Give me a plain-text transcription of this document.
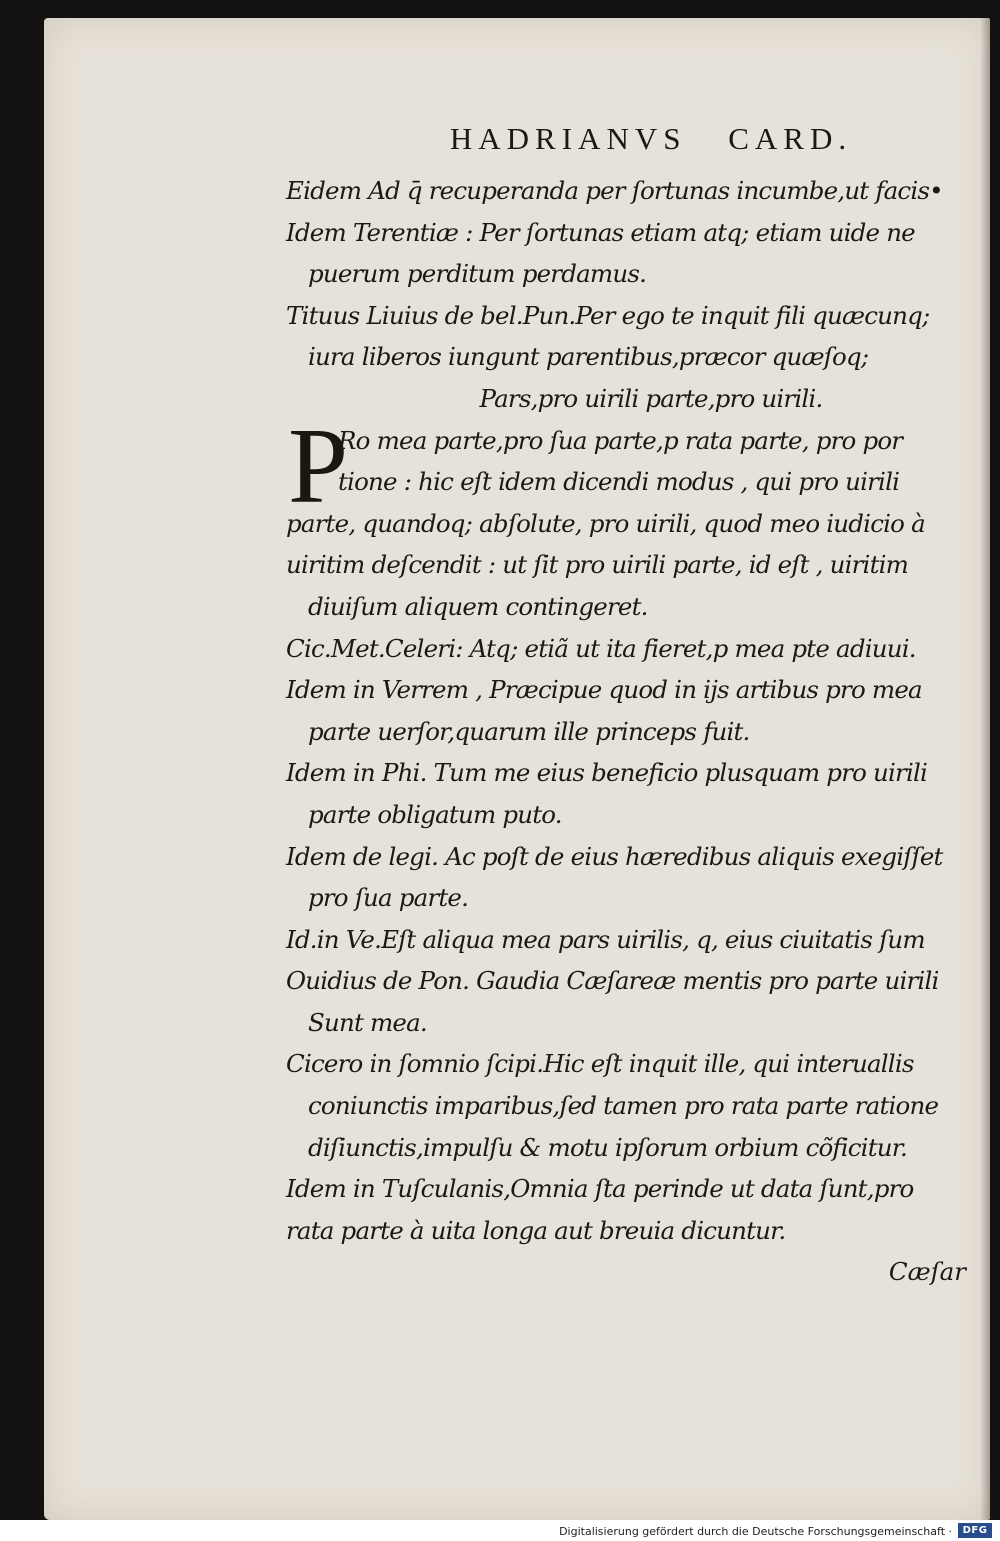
HADRIANVS CARD.
Eidem Ad q̄ recuperanda per ſortunas incumbe,ut facis•
Idem Terentiæ : Per ſortunas etiam atq; etiam uide ne
puerum perditum perdamus.
Tituus Liuius de bel.Pun.Per ego te inquit fili quæcunq;
iura liberos iungunt parentibus,præcor quæſoq;
Pars,pro uirili parte,pro uirili.
P
Ro mea parte,pro ſua parte,p rata parte, pro por
tione : hic eſt idem dicendi modus , qui pro uirili
parte, quandoq; abſolute, pro uirili, quod meo iudicio à
uiritim deſcendit : ut ſit pro uirili parte, id eſt , uiritim
diuiſum aliquem contingeret.
Cic.Met.Celeri: Atq; etiã ut ita fieret,p mea pte adiuui.
Idem in Verrem , Præcipue quod in ijs artibus pro mea
parte uerſor,quarum ille princeps fuit.
Idem in Phi. Tum me eius beneficio plusquam pro uirili
parte obligatum puto.
Idem de legi. Ac poſt de eius hæredibus aliquis exegiſſet
pro ſua parte.
Id.in Ve.Eſt aliqua mea pars uirilis, q, eius ciuitatis ſum
Ouidius de Pon. Gaudia Cæſareæ mentis pro parte uirili
Sunt mea.
Cicero in ſomnio ſcipi.Hic eſt inquit ille, qui interuallis
coniunctis imparibus,ſed tamen pro rata parte ratione
diſiunctis,impulſu & motu ipſorum orbium cõficitur.
Idem in Tuſculanis,Omnia ſta perinde ut data ſunt,pro
rata parte à uita longa aut breuia dicuntur.
Cæſar
Digitalisierung gefördert durch die Deutsche Forschungsgemeinschaft ·	DFG
